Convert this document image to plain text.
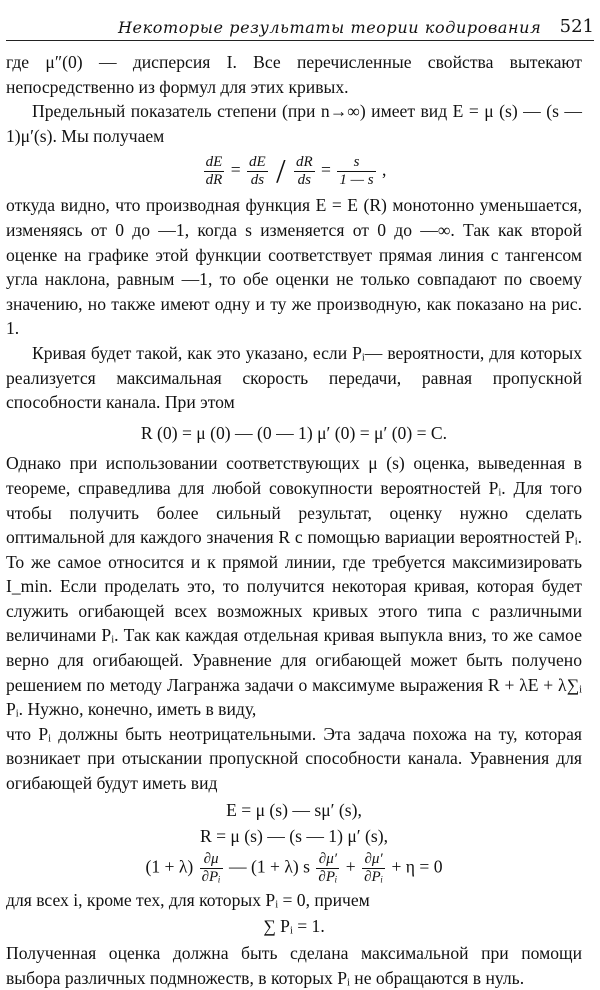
Некоторые результаты теории кодирования 521

где μ″(0) — дисперсия I. Все перечисленные свойства вытекают непосредственно из формул для этих кривых.

Предельный показатель степени (при n→∞) имеет вид E = μ (s) — (s — 1)μ′(s). Мы получаем

$\frac{dE}{dR} = \frac{dE}{ds} / \frac{dR}{ds} = \frac{s}{1 — s}$ ,

откуда видно, что производная функция E = E (R) монотонно уменьшается, изменяясь от 0 до —1, когда s изменяется от 0 до —∞. Так как второй оценке на графике этой функции соответствует прямая линия с тангенсом угла наклона, равным —1, то обе оценки не только совпадают по своему значению, но также имеют одну и ту же производную, как показано на рис. 1.

Кривая будет такой, как это указано, если Pᵢ— вероятности, для которых реализуется максимальная скорость передачи, равная пропускной способности канала. При этом

R (0) = μ (0) — (0 — 1) μ′ (0) = μ′ (0) = C.

Однако при использовании соответствующих μ (s) оценка, выведенная в теореме, справедлива для любой совокупности вероятностей Pᵢ. Для того чтобы получить более сильный результат, оценку нужно сделать оптимальной для каждого значения R с помощью вариации вероятностей Pᵢ. То же самое относится и к прямой линии, где требуется максимизировать I_min. Если проделать это, то получится некоторая кривая, которая будет служить огибающей всех возможных кривых этого типа с различными величинами Pᵢ. Так как каждая отдельная кривая выпукла вниз, то же самое верно для огибающей. Уравнение для огибающей может быть получено решением по методу Лагранжа задачи о максимуме выражения R + λE + λ∑ᵢ Pᵢ. Нужно, конечно, иметь в виду,

что Pᵢ должны быть неотрицательными. Эта задача похожа на ту, которая возникает при отыскании пропускной способности канала. Уравнения для огибающей будут иметь вид

E = μ (s) — sμ′ (s),
R = μ (s) — (s — 1) μ′ (s),
$(1 + \lambda) \frac{\partial\mu}{\text{∂Pᵢ}}$ — (1 + λ) s $\frac{\partial\mu'}{\text{∂Pᵢ}} + \frac{\partial\mu'}{\text{∂Pᵢ}} + \eta = 0$

для всех i, кроме тех, для которых Pᵢ = 0, причем

∑ Pᵢ = 1.

Полученная оценка должна быть сделана максимальной при помощи выбора различных подмножеств, в которых Pᵢ не обращаются в нуль.
